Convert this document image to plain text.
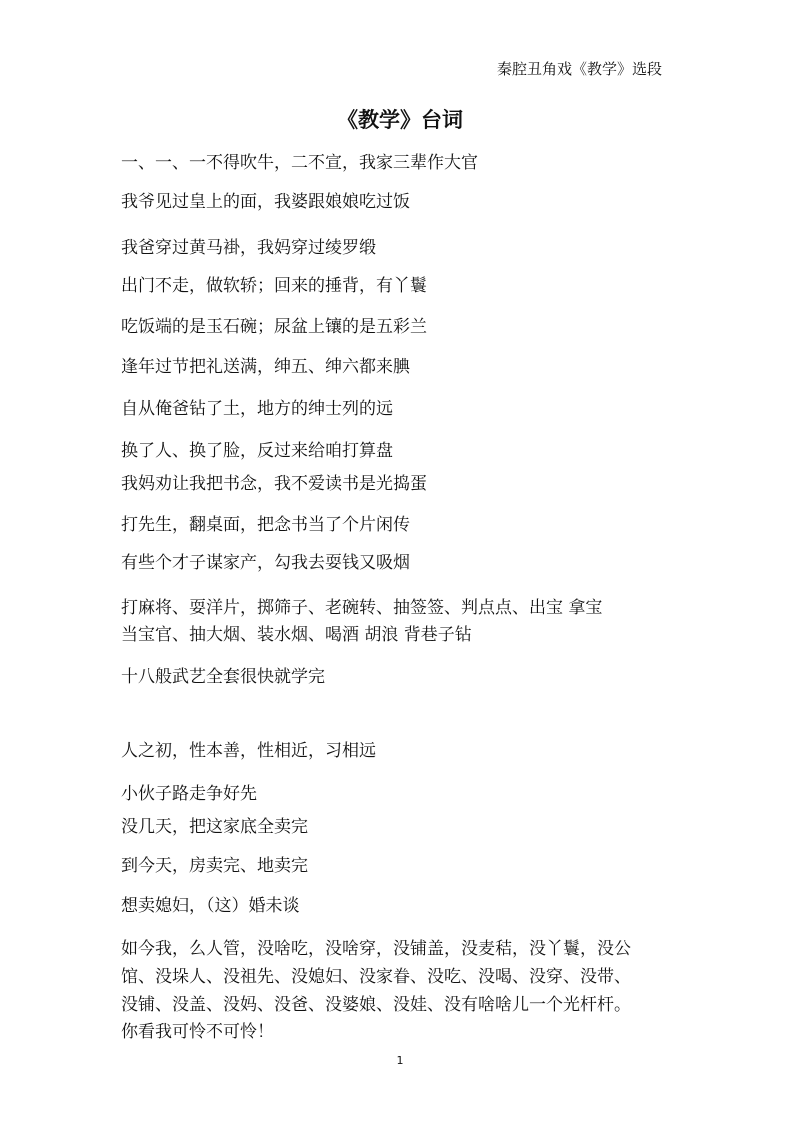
秦腔丑角戏《教学》选段
《教学》台词
一、一、一不得吹牛，二不宣，我家三辈作大官
我爷见过皇上的面，我婆跟娘娘吃过饭
我爸穿过黄马褂，我妈穿过绫罗缎
出门不走，做软轿；回来的捶背，有丫鬟
吃饭端的是玉石碗；尿盆上镶的是五彩兰
逢年过节把礼送满，绅五、绅六都来腆
自从俺爸钻了土，地方的绅士列的远
换了人、换了脸，反过来给咱打算盘
我妈劝让我把书念，我不爱读书是光捣蛋
打先生，翻桌面，把念书当了个片闲传
有些个才子谋家产，勾我去耍钱又吸烟
打麻将、耍洋片，掷筛子、老碗转、抽签签、判点点、出宝 拿宝
当宝官、抽大烟、装水烟、喝酒 胡浪 背巷子钻
十八般武艺全套很快就学完
人之初，性本善，性相近，习相远
小伙子路走争好先
没几天，把这家底全卖完
到今天，房卖完、地卖完
想卖媳妇，（这）婚未谈
如今我，么人管，没啥吃，没啥穿，没铺盖，没麦秸，没丫鬟，没公
馆、没垛人、没祖先、没媳妇、没家眷、没吃、没喝、没穿、没带、
没铺、没盖、没妈、没爸、没婆娘、没娃、没有啥啥儿一个光杆杆。
你看我可怜不可怜！
1
